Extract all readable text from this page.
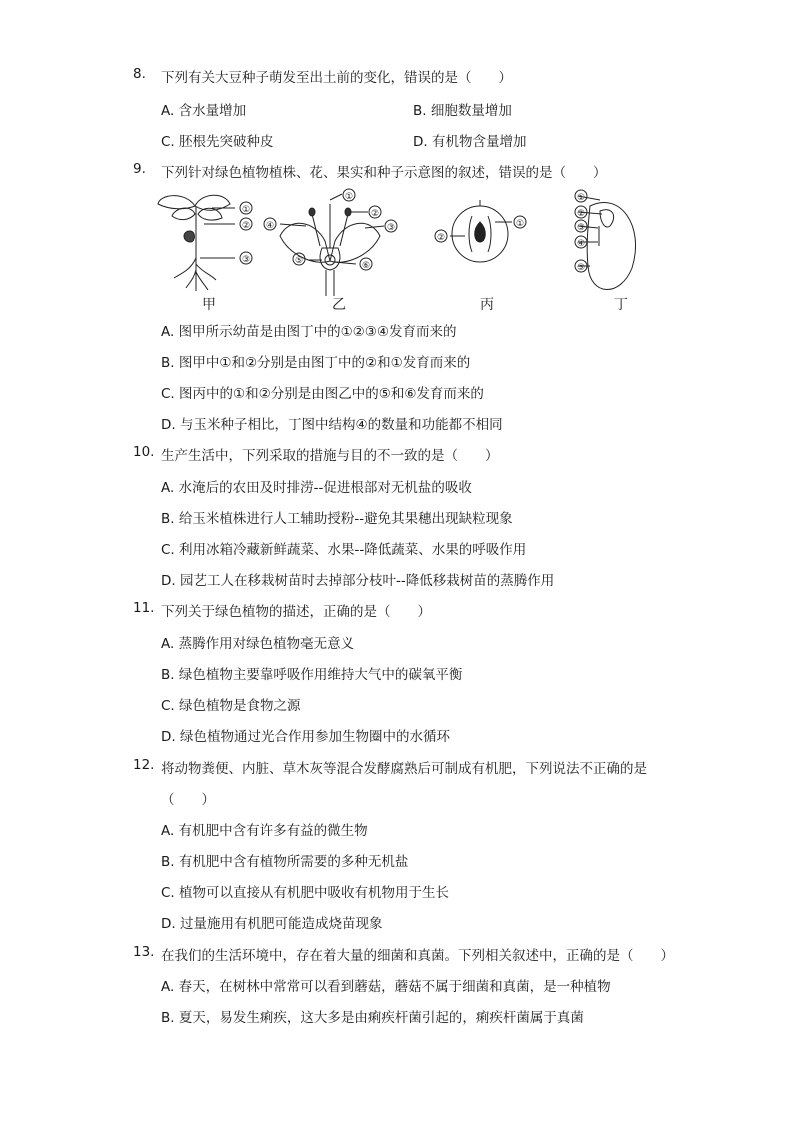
8. 下列有关大豆种子萌发至出土前的变化，错误的是（　　）
A. 含水量增加	B. 细胞数量增加
C. 胚根先突破种皮	D. 有机物含量增加
9. 下列针对绿色植物植株、花、果实和种子示意图的叙述，错误的是（　　）
①
②
③
①
②
③
④
⑤	⑥
①
②
①
②
③
④
⑤
甲	乙	丙	丁
A. 图甲所示幼苗是由图丁中的①②③④发育而来的
B. 图甲中①和②分别是由图丁中的②和①发育而来的
C. 图丙中的①和②分别是由图乙中的⑤和⑥发育而来的
D. 与玉米种子相比，丁图中结构④的数量和功能都不相同
10. 生产生活中，下列采取的措施与目的不一致的是（　　）
A. 水淹后的农田及时排涝--促进根部对无机盐的吸收
B. 给玉米植株进行人工辅助授粉--避免其果穗出现缺粒现象
C. 利用冰箱冷藏新鲜蔬菜、水果--降低蔬菜、水果的呼吸作用
D. 园艺工人在移栽树苗时去掉部分枝叶--降低移栽树苗的蒸腾作用
11. 下列关于绿色植物的描述，正确的是（　　）
A. 蒸腾作用对绿色植物毫无意义
B. 绿色植物主要靠呼吸作用维持大气中的碳氧平衡
C. 绿色植物是食物之源
D. 绿色植物通过光合作用参加生物圈中的水循环
12. 将动物粪便、内脏、草木灰等混合发酵腐熟后可制成有机肥，下列说法不正确的是
（　　）
A. 有机肥中含有许多有益的微生物
B. 有机肥中含有植物所需要的多种无机盐
C. 植物可以直接从有机肥中吸收有机物用于生长
D. 过量施用有机肥可能造成烧苗现象
13. 在我们的生活环境中，存在着大量的细菌和真菌。下列相关叙述中，正确的是（　　）
A. 春天，在树林中常常可以看到蘑菇，蘑菇不属于细菌和真菌，是一种植物
B. 夏天，易发生痢疾，这大多是由痢疾杆菌引起的，痢疾杆菌属于真菌
